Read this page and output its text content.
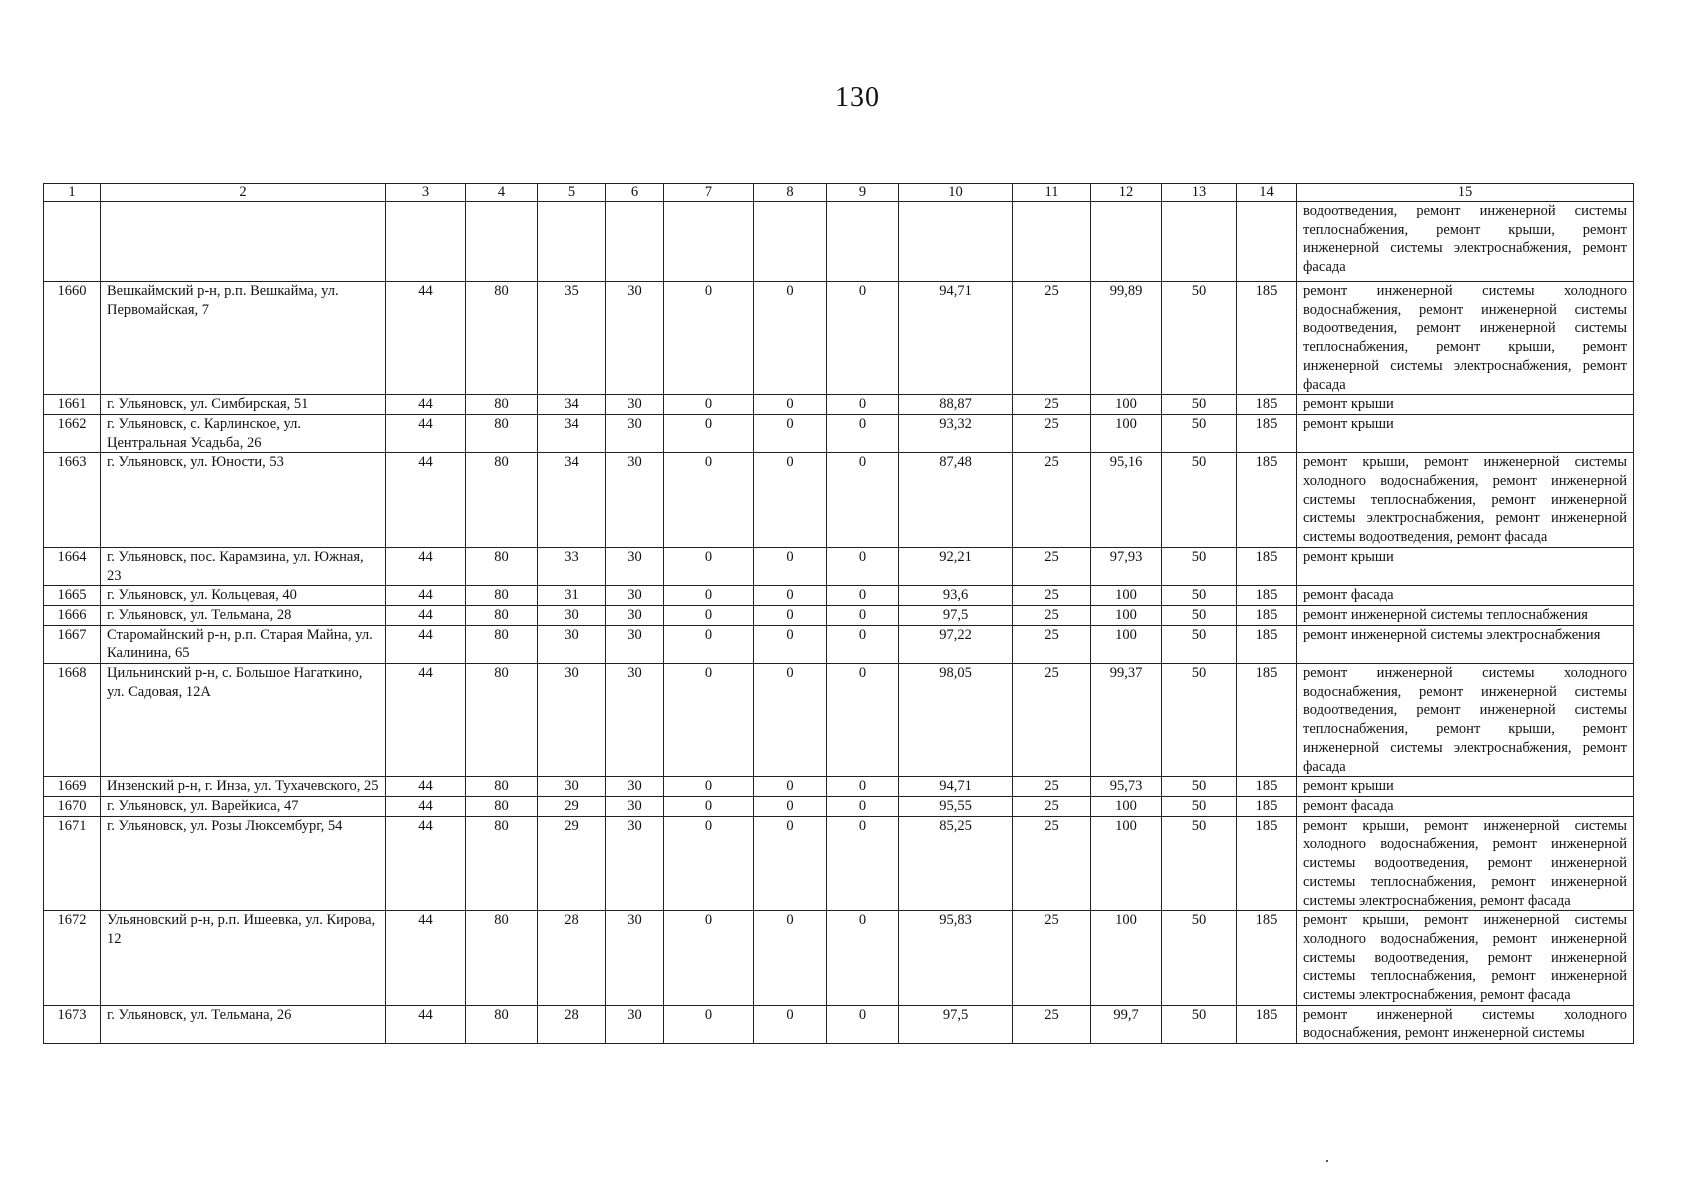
130
1	2	3	4	5	6	7	8	9	10	11	12	13	14	15
														водоотведения, ремонт инженерной системы теплоснабжения, ремонт крыши, ремонт инженерной системы электроснабжения, ремонт фасада
1660	Вешкаймский р-н, р.п. Вешкайма, ул. Первомайская, 7	44	80	35	30	0	0	0	94,71	25	99,89	50	185	ремонт инженерной системы холодного водоснабжения, ремонт инженерной системы водоотведения, ремонт инженерной системы теплоснабжения, ремонт крыши, ремонт инженерной системы электроснабжения, ремонт фасада
1661	г. Ульяновск, ул. Симбирская, 51	44	80	34	30	0	0	0	88,87	25	100	50	185	ремонт крыши
1662	г. Ульяновск, с. Карлинское, ул. Центральная Усадьба, 26	44	80	34	30	0	0	0	93,32	25	100	50	185	ремонт крыши
1663	г. Ульяновск, ул. Юности, 53	44	80	34	30	0	0	0	87,48	25	95,16	50	185	ремонт крыши, ремонт инженерной системы холодного водоснабжения, ремонт инженерной системы теплоснабжения, ремонт инженерной системы электроснабжения, ремонт инженерной системы водоотведения, ремонт фасада
1664	г. Ульяновск, пос. Карамзина, ул. Южная, 23	44	80	33	30	0	0	0	92,21	25	97,93	50	185	ремонт крыши
1665	г. Ульяновск, ул. Кольцевая, 40	44	80	31	30	0	0	0	93,6	25	100	50	185	ремонт фасада
1666	г. Ульяновск, ул. Тельмана, 28	44	80	30	30	0	0	0	97,5	25	100	50	185	ремонт инженерной системы теплоснабжения
1667	Старомайнский р-н, р.п. Старая Майна, ул. Калинина, 65	44	80	30	30	0	0	0	97,22	25	100	50	185	ремонт инженерной системы электроснабжения
1668	Цильнинский р-н, с. Большое Нагаткино, ул. Садовая, 12А	44	80	30	30	0	0	0	98,05	25	99,37	50	185	ремонт инженерной системы холодного водоснабжения, ремонт инженерной системы водоотведения, ремонт инженерной системы теплоснабжения, ремонт крыши, ремонт инженерной системы электроснабжения, ремонт фасада
1669	Инзенский р-н, г. Инза, ул. Тухачевского, 25	44	80	30	30	0	0	0	94,71	25	95,73	50	185	ремонт крыши
1670	г. Ульяновск, ул. Варейкиса, 47	44	80	29	30	0	0	0	95,55	25	100	50	185	ремонт фасада
1671	г. Ульяновск, ул. Розы Люксембург, 54	44	80	29	30	0	0	0	85,25	25	100	50	185	ремонт крыши, ремонт инженерной системы холодного водоснабжения, ремонт инженерной системы водоотведения, ремонт инженерной системы теплоснабжения, ремонт инженерной системы электроснабжения, ремонт фасада
1672	Ульяновский р-н, р.п. Ишеевка, ул. Кирова, 12	44	80	28	30	0	0	0	95,83	25	100	50	185	ремонт крыши, ремонт инженерной системы холодного водоснабжения, ремонт инженерной системы водоотведения, ремонт инженерной системы теплоснабжения, ремонт инженерной системы электроснабжения, ремонт фасада
1673	г. Ульяновск, ул. Тельмана, 26	44	80	28	30	0	0	0	97,5	25	99,7	50	185	ремонт инженерной системы холодного водоснабжения, ремонт инженерной системы
